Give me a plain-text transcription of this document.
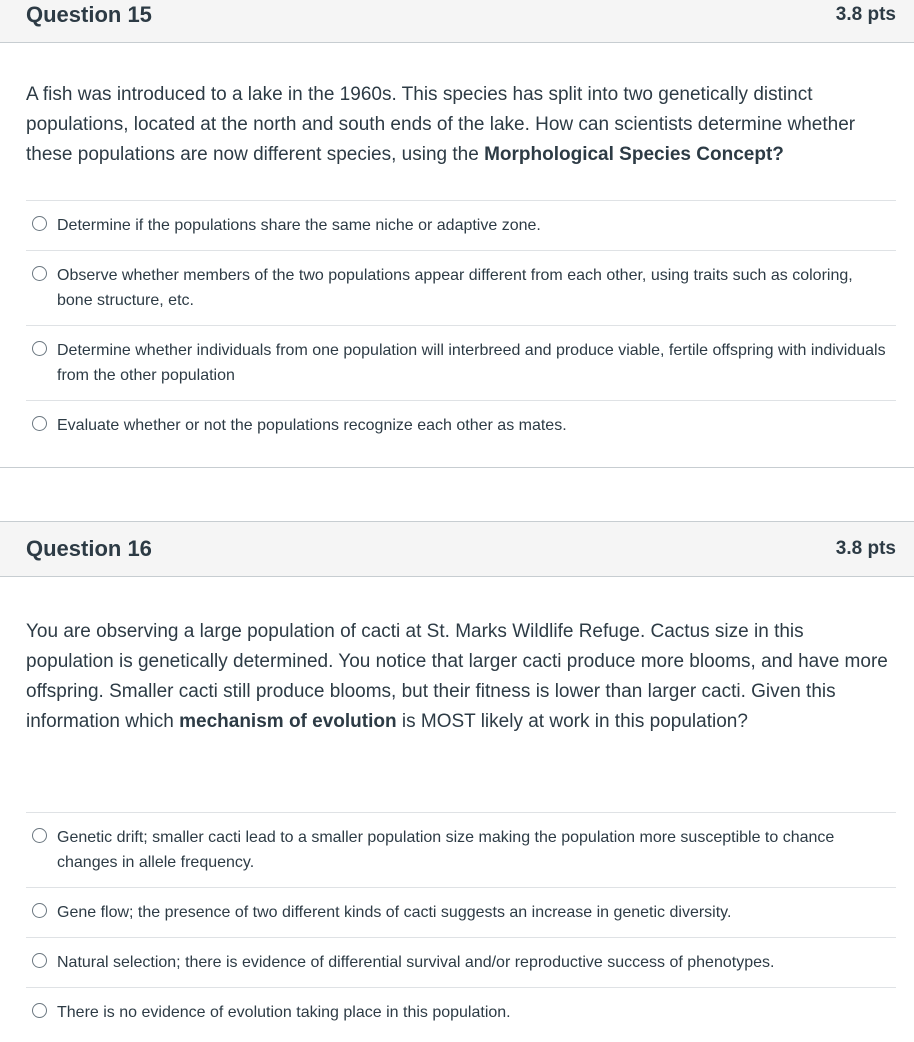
Question 15	3.8 pts
A fish was introduced to a lake in the 1960s. This species has split into two genetically distinct populations, located at the north and south ends of the lake. How can scientists determine whether these populations are now different species, using the Morphological Species Concept?
Determine if the populations share the same niche or adaptive zone.
Observe whether members of the two populations appear different from each other, using traits such as coloring, bone structure, etc.
Determine whether individuals from one population will interbreed and produce viable, fertile offspring with individuals from the other population
Evaluate whether or not the populations recognize each other as mates.
Question 16	3.8 pts
You are observing a large population of cacti at St. Marks Wildlife Refuge. Cactus size in this population is genetically determined. You notice that larger cacti produce more blooms, and have more offspring. Smaller cacti still produce blooms, but their fitness is lower than larger cacti. Given this information which mechanism of evolution is MOST likely at work in this population?
Genetic drift; smaller cacti lead to a smaller population size making the population more susceptible to chance changes in allele frequency.
Gene flow; the presence of two different kinds of cacti suggests an increase in genetic diversity.
Natural selection; there is evidence of differential survival and/or reproductive success of phenotypes.
There is no evidence of evolution taking place in this population.
